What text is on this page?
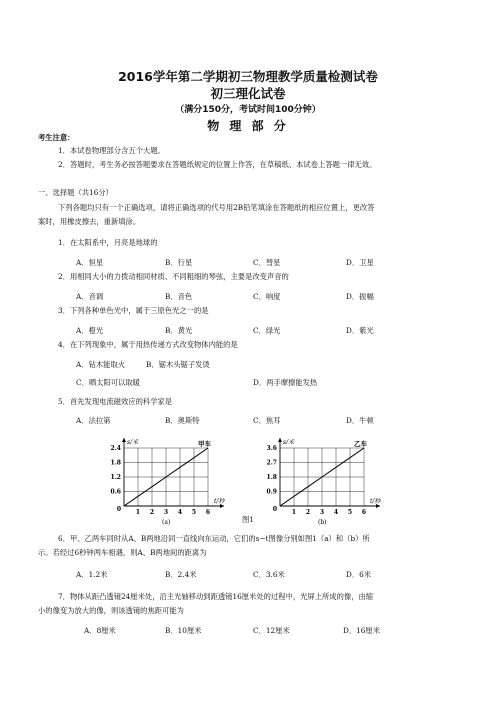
2016学年第二学期初三物理教学质量检测试卷
初三理化试卷
（满分150分，考试时间100分钟）
物 理 部 分
考生注意：
1．本试卷物理部分含五个大题。
2．答题时，考生务必按答题要求在答题纸规定的位置上作答，在草稿纸、本试卷上答题一律无效。
一、选择题（共16分）
下列各题均只有一个正确选项，请将正确选项的代号用2B铅笔填涂在答题纸的相应位置上，更改答
案时，用橡皮擦去，重新填涂。
1．在太阳系中，月亮是地球的
A．恒星	B．行星	C．彗星	D．卫星
2．用相同大小的力拨动相同材质、不同粗细的琴弦，主要是改变声音的
A．音调	B．音色	C．响度	D．振幅
3．下列各种单色光中，属于三原色光之一的是
A．橙光	B．黄光	C．绿光	D．紫光
4．在下列现象中，属于用热传递方式改变物体内能的是
A．钻木能取火	B．锯木头锯子发烫
C．晒太阳可以取暖	D．两手摩擦能发热
5．首先发现电流磁效应的科学家是
A．法拉第	B．奥斯特	C．焦耳	D．牛顿
1 2 3 4 5 6
0.6
1.2
1.8
2.4
0
s/米
t/秒
甲车
(a)
1 2 3 4 5 6
0.9
1.8
2.7
3.6
0
s/米
t/秒
乙车
(b)
图1
6．甲、乙两车同时从A、B两地沿同一直线向东运动，它们的s−t图像分别如图1（a）和（b）所
示。若经过6秒钟两车相遇，则A、B两地间的距离为
A．1.2米	B．2.4米	C．3.6米	D．6米
7．物体从距凸透镜24厘米处，沿主光轴移动到距透镜16厘米处的过程中，光屏上所成的像，由缩
小的像变为放大的像，则该透镜的焦距可能为
A．8厘米	B．10厘米	C．12厘米	D．16厘米
